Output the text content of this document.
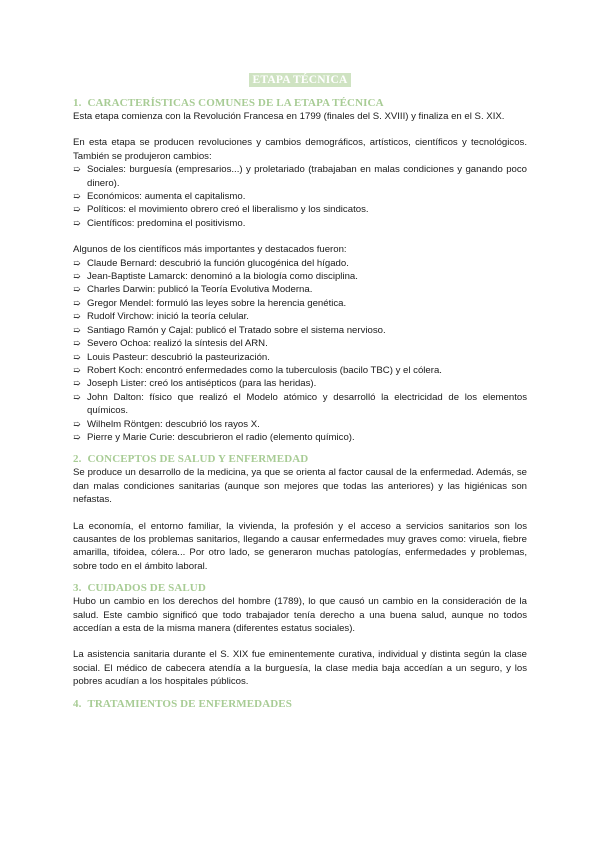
ETAPA TÉCNICA
1. CARACTERÍSTICAS COMUNES DE LA ETAPA TÉCNICA

Esta etapa comienza con la Revolución Francesa en 1799 (finales del S. XVIII) y finaliza en el S. XIX.

En esta etapa se producen revoluciones y cambios demográficos, artísticos, científicos y tecnológicos. También se produjeron cambios:

➯ Sociales: burguesía (empresarios...) y proletariado (trabajaban en malas condiciones y ganando poco dinero).
➯ Económicos: aumenta el capitalismo.
➯ Políticos: el movimiento obrero creó el liberalismo y los sindicatos.
➯ Científicos: predomina el positivismo.

Algunos de los científicos más importantes y destacados fueron:

➯ Claude Bernard: descubrió la función glucogénica del hígado.
➯ Jean-Baptiste Lamarck: denominó a la biología como disciplina.
➯ Charles Darwin: publicó la Teoría Evolutiva Moderna.
➯ Gregor Mendel: formuló las leyes sobre la herencia genética.
➯ Rudolf Virchow: inició la teoría celular.
➯ Santiago Ramón y Cajal: publicó el Tratado sobre el sistema nervioso.
➯ Severo Ochoa: realizó la síntesis del ARN.
➯ Louis Pasteur: descubrió la pasteurización.
➯ Robert Koch: encontró enfermedades como la tuberculosis (bacilo TBC) y el cólera.
➯ Joseph Lister: creó los antisépticos (para las heridas).
➯ John Dalton: físico que realizó el Modelo atómico y desarrolló la electricidad de los elementos químicos.
➯ Wilhelm Röntgen: descubrió los rayos X.
➯ Pierre y Marie Curie: descubrieron el radio (elemento químico).
2. CONCEPTOS DE SALUD Y ENFERMEDAD

Se produce un desarrollo de la medicina, ya que se orienta al factor causal de la enfermedad. Además, se dan malas condiciones sanitarias (aunque son mejores que todas las anteriores) y las higiénicas son nefastas.

La economía, el entorno familiar, la vivienda, la profesión y el acceso a servicios sanitarios son los causantes de los problemas sanitarios, llegando a causar enfermedades muy graves como: viruela, fiebre amarilla, tifoidea, cólera... Por otro lado, se generaron muchas patologías, enfermedades y problemas, sobre todo en el ámbito laboral.

3. CUIDADOS DE SALUD

Hubo un cambio en los derechos del hombre (1789), lo que causó un cambio en la consideración de la salud. Este cambio significó que todo trabajador tenía derecho a una buena salud, aunque no todos accedían a esta de la misma manera (diferentes estatus sociales).

La asistencia sanitaria durante el S. XIX fue eminentemente curativa, individual y distinta según la clase social. El médico de cabecera atendía a la burguesía, la clase media baja accedían a un seguro, y los pobres acudían a los hospitales públicos.

4. TRATAMIENTOS DE ENFERMEDADES
